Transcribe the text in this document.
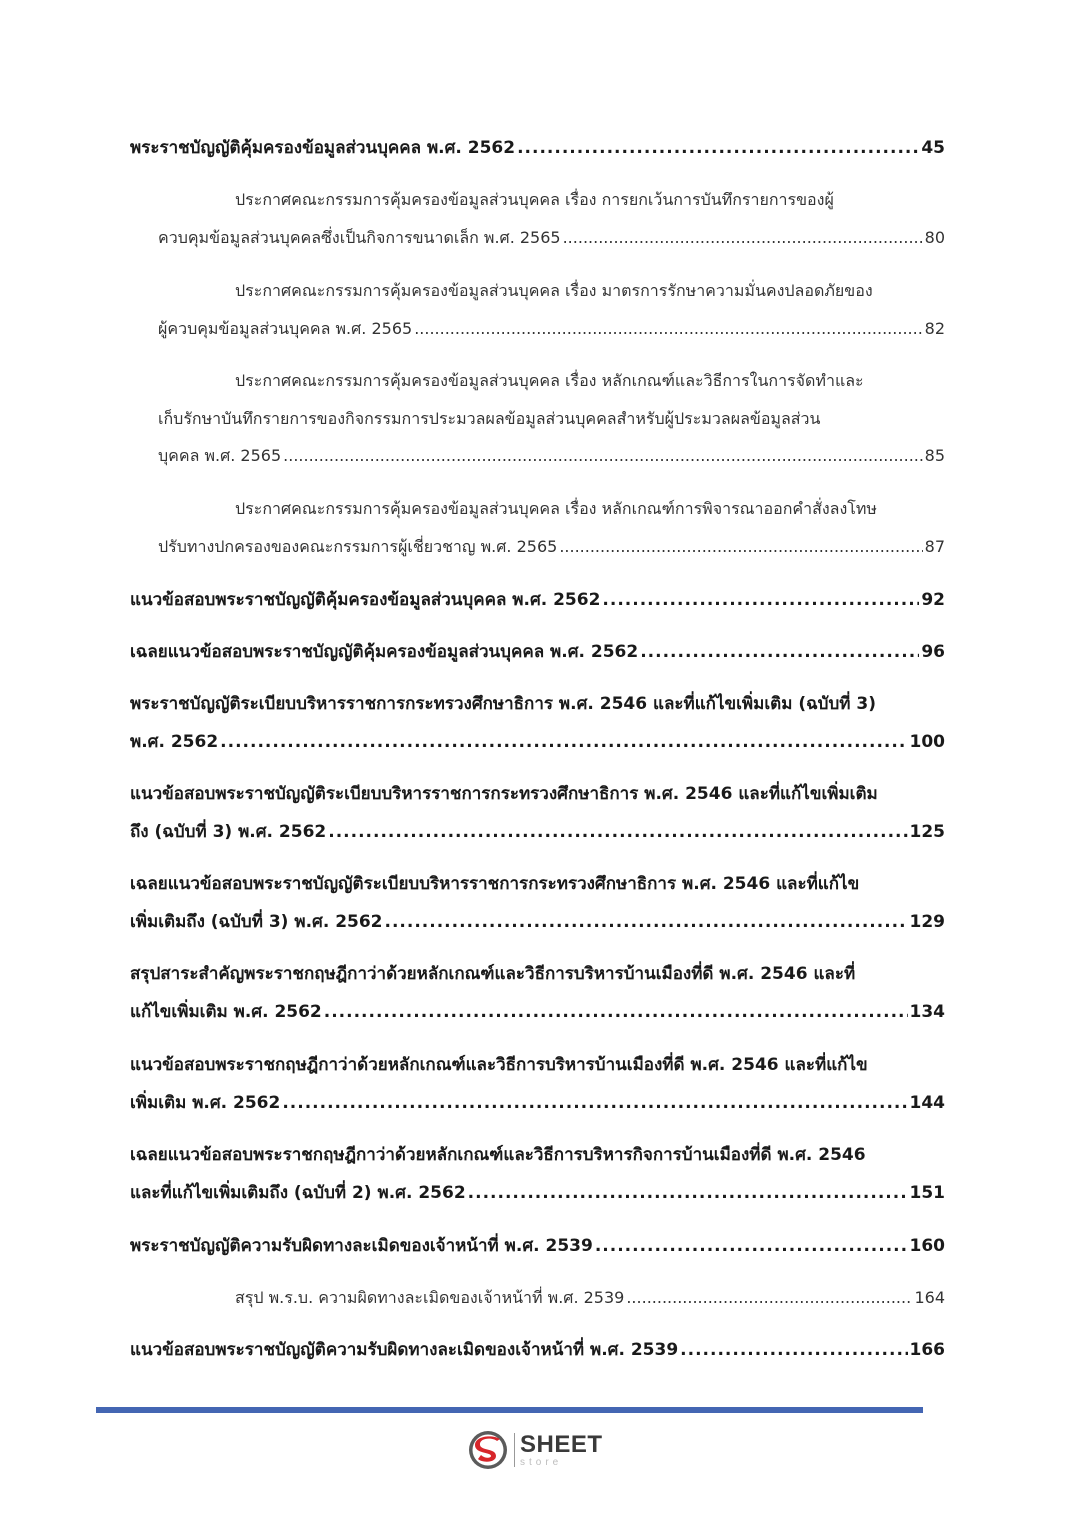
พระราชบัญญัติคุ้มครองข้อมูลส่วนบุคคล พ.ศ. 2562 .....	45
ประกาศคณะกรรมการคุ้มครองข้อมูลส่วนบุคคล เรื่อง การยกเว้นการบันทึกรายการของผู้
ควบคุมข้อมูลส่วนบุคคลซึ่งเป็นกิจการขนาดเล็ก พ.ศ. 2565 .....	80
ประกาศคณะกรรมการคุ้มครองข้อมูลส่วนบุคคล เรื่อง มาตรการรักษาความมั่นคงปลอดภัยของ
ผู้ควบคุมข้อมูลส่วนบุคคล พ.ศ. 2565 .....	82
ประกาศคณะกรรมการคุ้มครองข้อมูลส่วนบุคคล เรื่อง หลักเกณฑ์และวิธีการในการจัดทำและ
เก็บรักษาบันทึกรายการของกิจกรรมการประมวลผลข้อมูลส่วนบุคคลสำหรับผู้ประมวลผลข้อมูลส่วน
บุคคล พ.ศ. 2565 .....	85
ประกาศคณะกรรมการคุ้มครองข้อมูลส่วนบุคคล เรื่อง หลักเกณฑ์การพิจารณาออกคำสั่งลงโทษ
ปรับทางปกครองของคณะกรรมการผู้เชี่ยวชาญ พ.ศ. 2565 .....	87
แนวข้อสอบพระราชบัญญัติคุ้มครองข้อมูลส่วนบุคคล พ.ศ. 2562 .....	92
เฉลยแนวข้อสอบพระราชบัญญัติคุ้มครองข้อมูลส่วนบุคคล พ.ศ. 2562 .....	96
พระราชบัญญัติระเบียบบริหารราชการกระทรวงศึกษาธิการ พ.ศ. 2546 และที่แก้ไขเพิ่มเติม (ฉบับที่ 3)
พ.ศ. 2562 .....	100
แนวข้อสอบพระราชบัญญัติระเบียบบริหารราชการกระทรวงศึกษาธิการ พ.ศ. 2546 และที่แก้ไขเพิ่มเติม
ถึง (ฉบับที่ 3) พ.ศ. 2562 .....	125
เฉลยแนวข้อสอบพระราชบัญญัติระเบียบบริหารราชการกระทรวงศึกษาธิการ พ.ศ. 2546 และที่แก้ไข
เพิ่มเติมถึง (ฉบับที่ 3) พ.ศ. 2562 .....	129
สรุปสาระสำคัญพระราชกฤษฎีกาว่าด้วยหลักเกณฑ์และวิธีการบริหารบ้านเมืองที่ดี พ.ศ. 2546 และที่
แก้ไขเพิ่มเติม พ.ศ. 2562 .....	134
แนวข้อสอบพระราชกฤษฎีกาว่าด้วยหลักเกณฑ์และวิธีการบริหารบ้านเมืองที่ดี พ.ศ. 2546 และที่แก้ไข
เพิ่มเติม พ.ศ. 2562 .....	144
เฉลยแนวข้อสอบพระราชกฤษฎีกาว่าด้วยหลักเกณฑ์และวิธีการบริหารกิจการบ้านเมืองที่ดี พ.ศ. 2546
และที่แก้ไขเพิ่มเติมถึง (ฉบับที่ 2) พ.ศ. 2562 .....	151
พระราชบัญญัติความรับผิดทางละเมิดของเจ้าหน้าที่ พ.ศ. 2539 .....	160
สรุป พ.ร.บ. ความผิดทางละเมิดของเจ้าหน้าที่ พ.ศ. 2539 .....	164
แนวข้อสอบพระราชบัญญัติความรับผิดทางละเมิดของเจ้าหน้าที่ พ.ศ. 2539 .....	166
SHEET
store
